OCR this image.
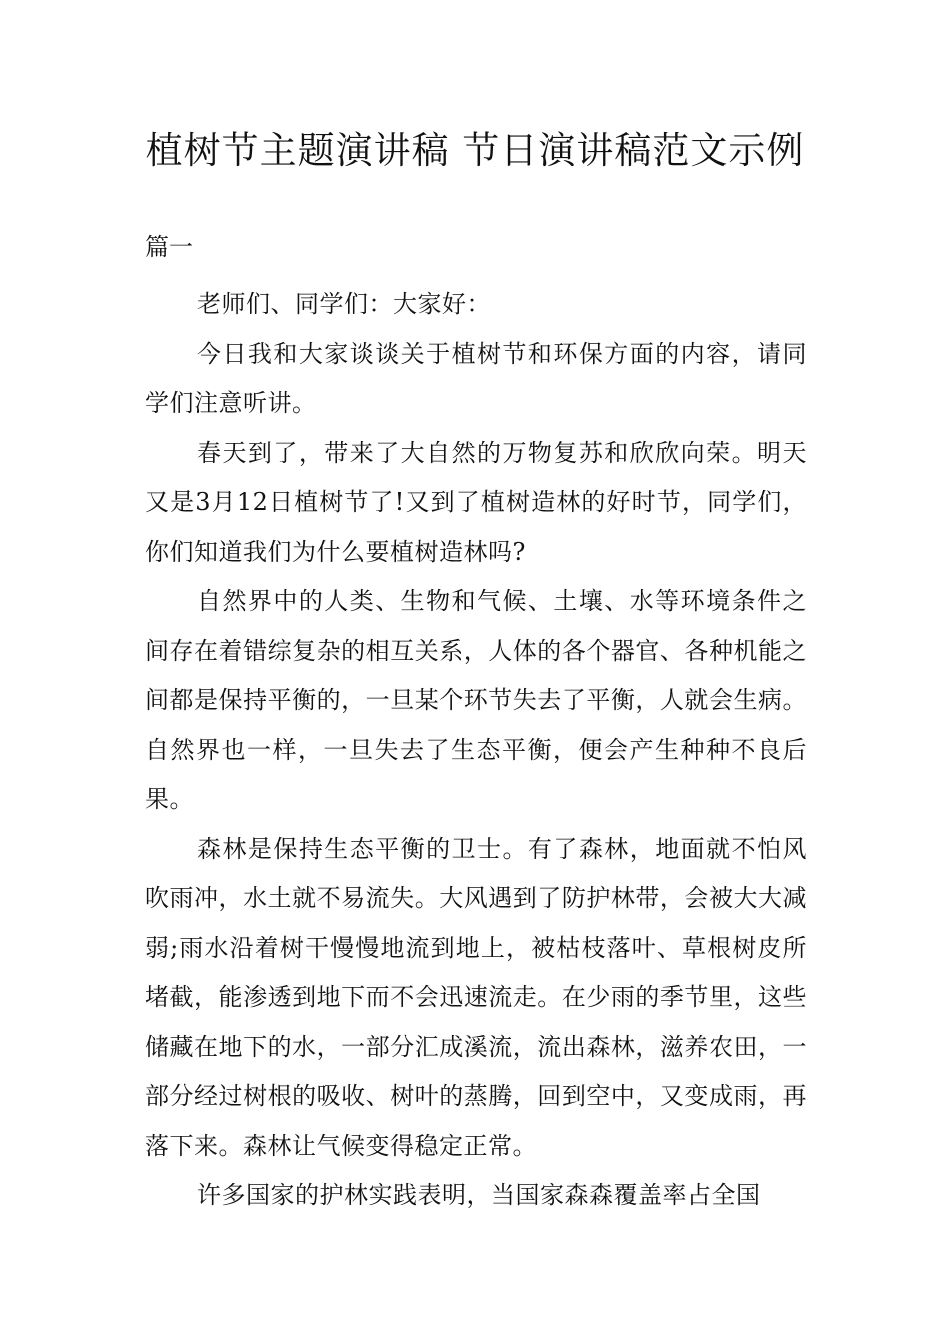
植树节主题演讲稿 节日演讲稿范文示例
篇一

老师们、同学们：大家好：

今日我和大家谈谈关于植树节和环保方面的内容，请同学们注意听讲。

春天到了，带来了大自然的万物复苏和欣欣向荣。明天又是3月12日植树节了!又到了植树造林的好时节，同学们，你们知道我们为什么要植树造林吗?

自然界中的人类、生物和气候、土壤、水等环境条件之间存在着错综复杂的相互关系，人体的各个器官、各种机能之间都是保持平衡的，一旦某个环节失去了平衡，人就会生病。自然界也一样，一旦失去了生态平衡，便会产生种种不良后果。

森林是保持生态平衡的卫士。有了森林，地面就不怕风吹雨冲，水土就不易流失。大风遇到了防护林带，会被大大减弱;雨水沿着树干慢慢地流到地上，被枯枝落叶、草根树皮所堵截，能渗透到地下而不会迅速流走。在少雨的季节里，这些储藏在地下的水，一部分汇成溪流，流出森林，滋养农田，一部分经过树根的吸收、树叶的蒸腾，回到空中，又变成雨，再落下来。森林让气候变得稳定正常。

许多国家的护林实践表明，当国家森森覆盖率占全国
